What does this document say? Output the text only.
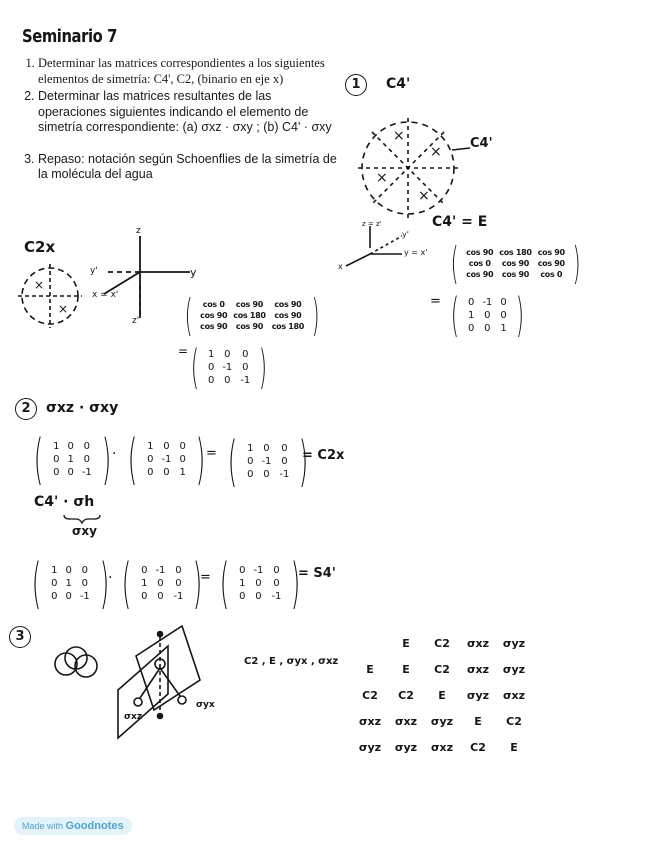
Seminario 7
1. Determinar las matrices correspondientes a los siguientes elementos de simetría: C4', C2, (binario en eje x)
2. Determinar las matrices resultantes de las operaciones siguientes indicando el elemento de simetría correspondiente: (a) σxz · σxy ; (b) C4' · σxy
3. Repaso: notación según Schoenflies de la simetría de la molécula del agua
1	C4'
×
×
×
×
C4'
C4' = E
×
×
C2x
z
y
y'
x = x'
z'
z = z'
y'
y = x'
x
( cos 0	cos 90	cos 90
cos 90	cos 180	cos 90
cos 90	cos 90	cos 180 )
= ( 1	0	0
0	-1	0
0	0	-1 )
( cos 90	cos 180	cos 90
cos 0	cos 90	cos 90
cos 90	cos 90	cos 0 )
= ( 0	-1	0
1	0	0
0	0	1 )
2	σxz · σxy
( 1	0	0
0	1	0
0	0	-1 ) · ( 1	0	0
0	-1	0
0	0	1 ) = ( 1	0	0
0	-1	0
0	0	-1 )
= C2x
C4' · σh
σxy
( 1	0	0
0	1	0
0	0	-1 )
· ( 0	-1	0
1	0	0
0	0	-1 )
= ( 0	-1	0
1	0	0
0	0	-1 )
= S4'
3
σxz
σyx
C2 , E , σyx , σxz
	E	C2	σxz	σyz
E	E	C2	σxz	σyz
C2	C2	E	σyz	σxz
σxz	σxz	σyz	E	C2
σyz	σyz	σxz	C2	E
Made with Goodnotes
